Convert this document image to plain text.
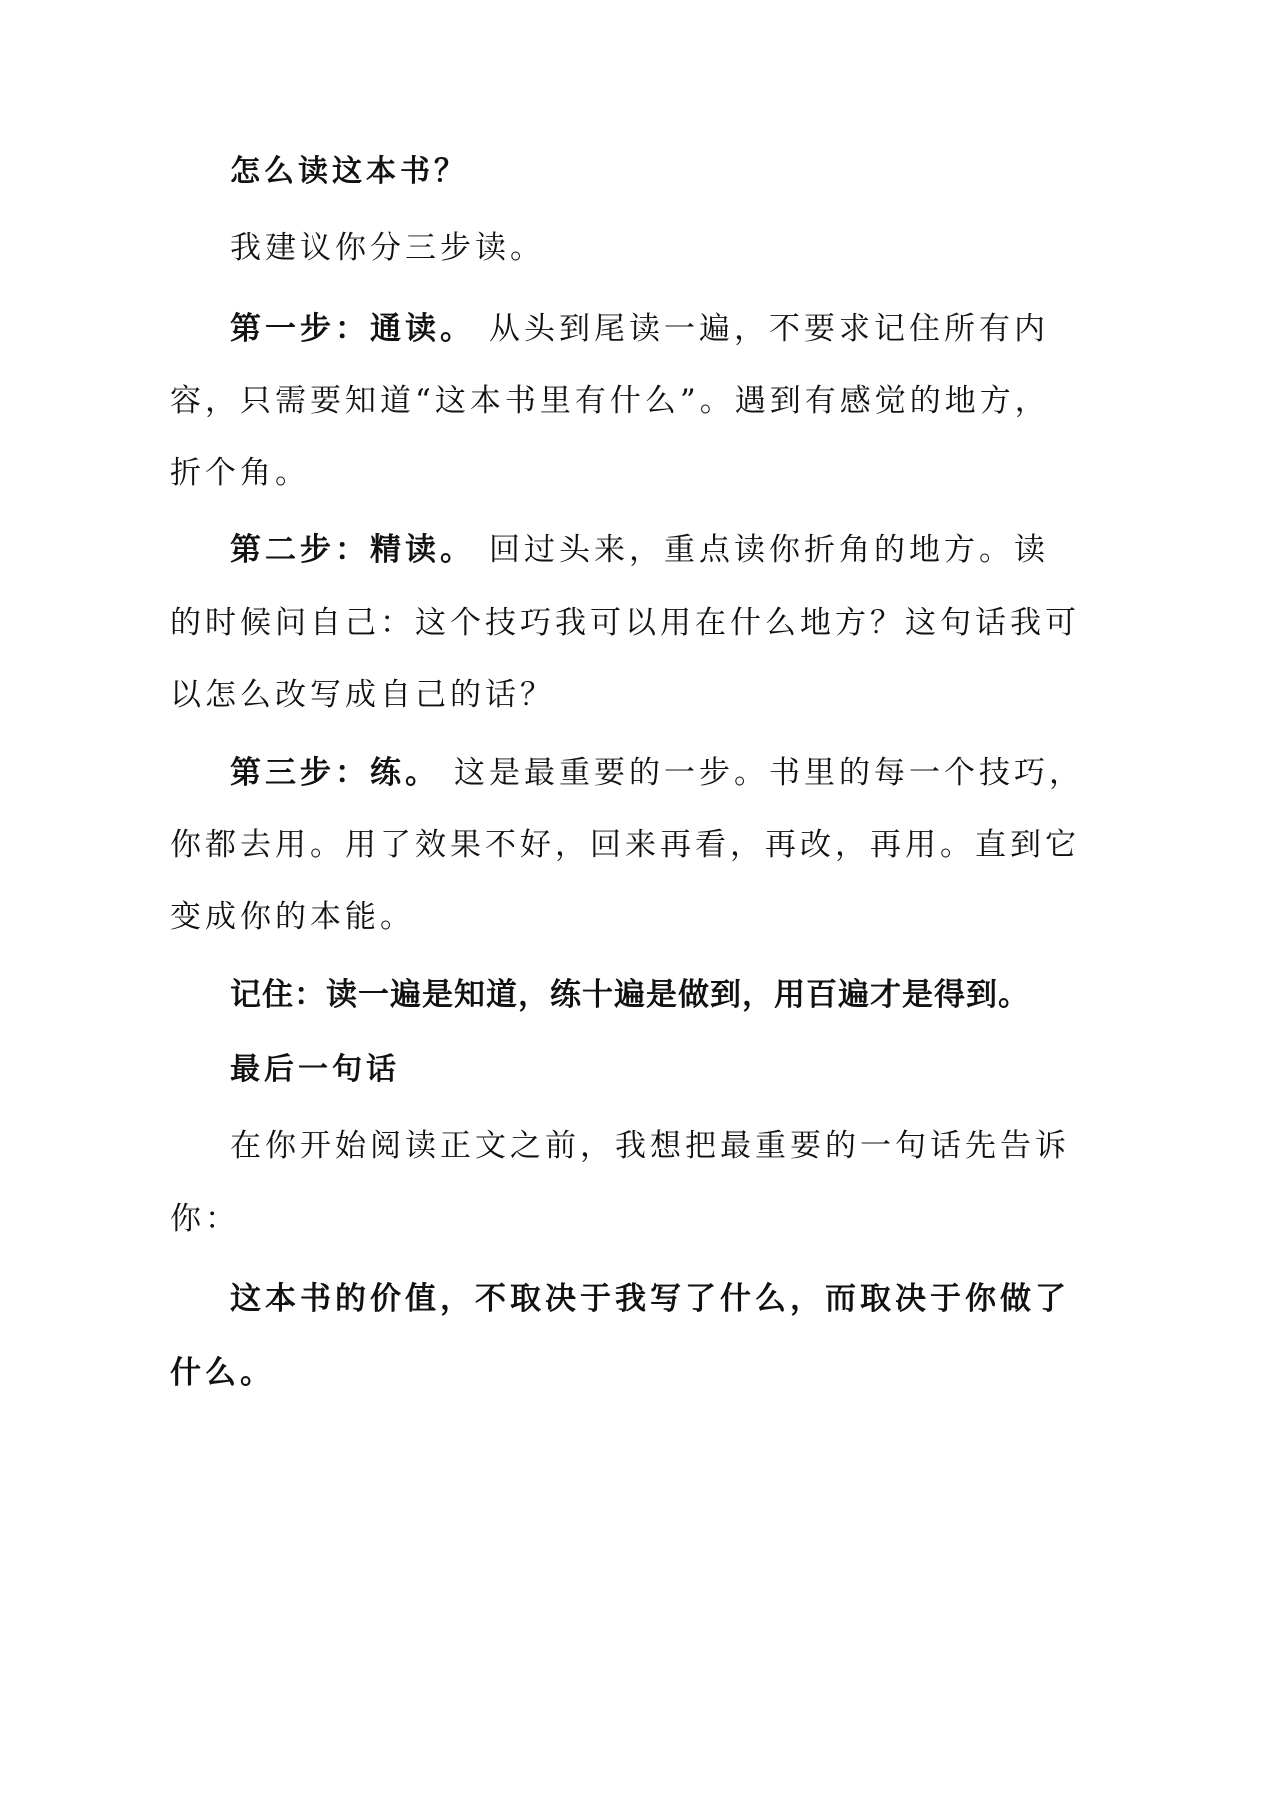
怎么读这本书？

我建议你分三步读。

第一步：通读。 从头到尾读一遍，不要求记住所有内

容，只需要知道“这本书里有什么”。遇到有感觉的地方，

折个角。

第二步：精读。 回过头来，重点读你折角的地方。读

的时候问自己：这个技巧我可以用在什么地方？这句话我可

以怎么改写成自己的话？

第三步：练。 这是最重要的一步。书里的每一个技巧，

你都去用。用了效果不好，回来再看，再改，再用。直到它

变成你的本能。

记住：读一遍是知道，练十遍是做到，用百遍才是得到。

最后一句话

在你开始阅读正文之前，我想把最重要的一句话先告诉

你：

这本书的价值，不取决于我写了什么，而取决于你做了

什么。
